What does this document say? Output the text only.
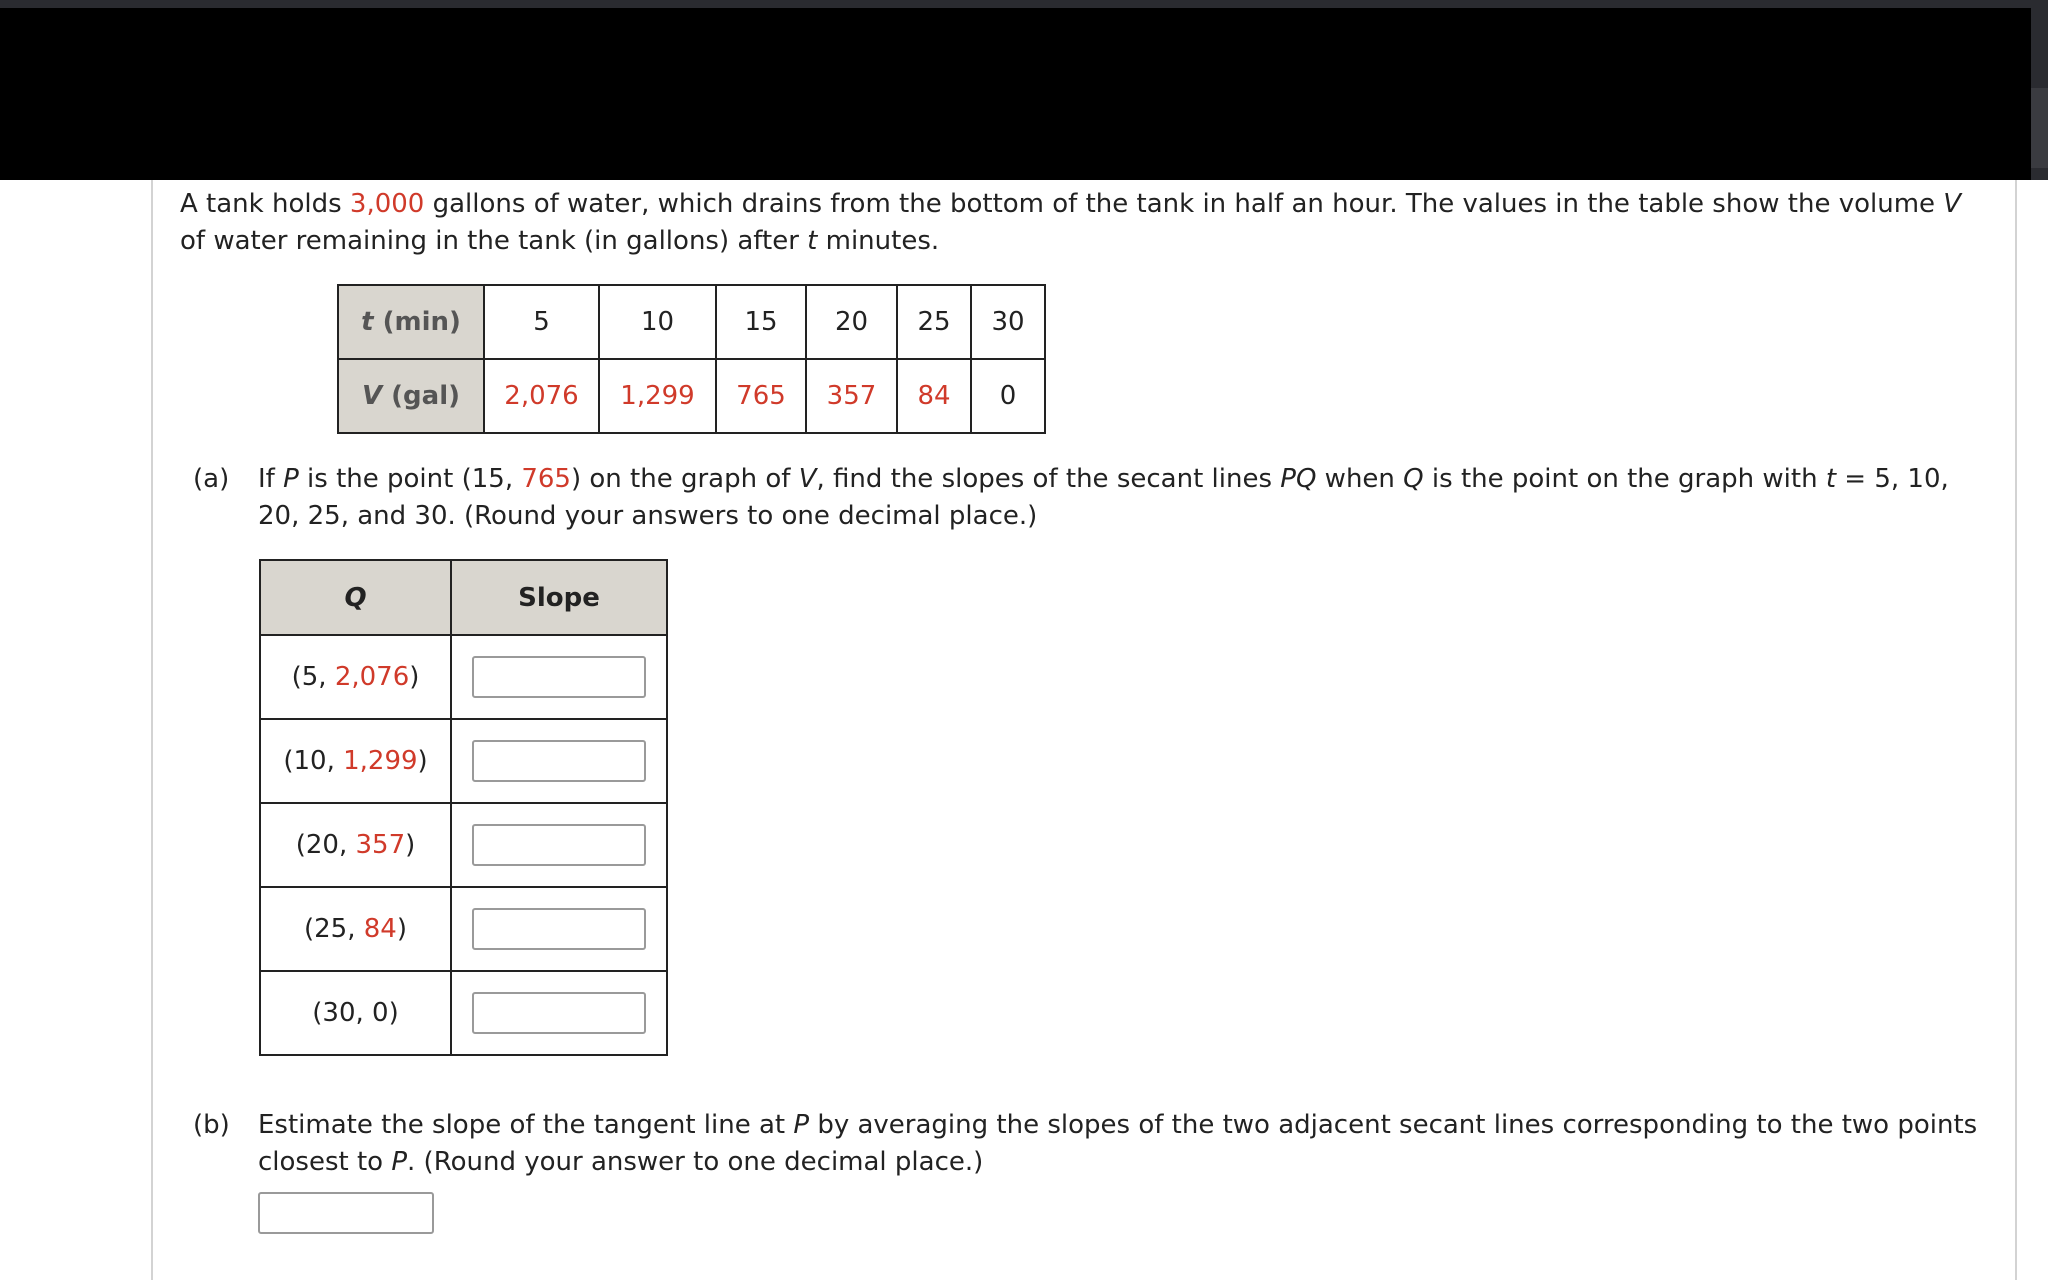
A tank holds 3,000 gallons of water, which drains from the bottom of the tank in half an hour. The values in the table show the volume V of water remaining in the tank (in gallons) after t minutes.
t (min)	5	10	15	20	25	30
V (gal)	2,076	1,299	765	357	84	0
(a) If P is the point (15, 765) on the graph of V, find the slopes of the secant lines PQ when Q is the point on the graph with t = 5, 10, 20, 25, and 30. (Round your answers to one decimal place.)
Q	Slope
(5, 2,076)	
(10, 1,299)	
(20, 357)	
(25, 84)	
(30, 0)	
(b) Estimate the slope of the tangent line at P by averaging the slopes of the two adjacent secant lines corresponding to the two points closest to P. (Round your answer to one decimal place.)
